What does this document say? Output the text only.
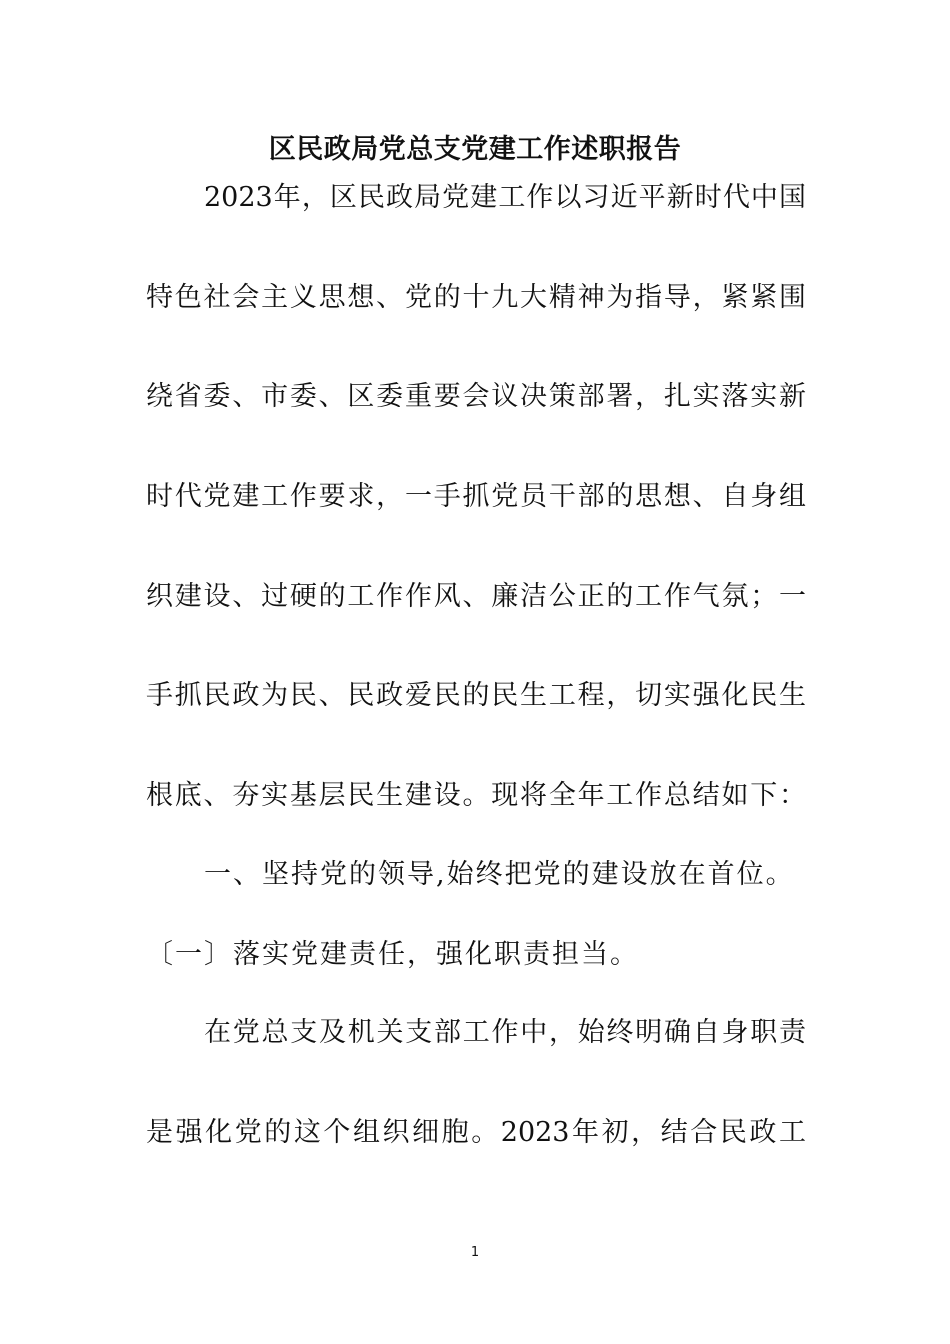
区民政局党总支党建工作述职报告

2023年，区民政局党建工作以习近平新时代中国

特色社会主义思想、党的十九大精神为指导，紧紧围

绕省委、市委、区委重要会议决策部署，扎实落实新

时代党建工作要求，一手抓党员干部的思想、自身组

织建设、过硬的工作作风、廉洁公正的工作气氛；一

手抓民政为民、民政爱民的民生工程，切实强化民生

根底、夯实基层民生建设。现将全年工作总结如下：

一、坚持党的领导,始终把党的建设放在首位。

〔一〕落实党建责任，强化职责担当。

在党总支及机关支部工作中，始终明确自身职责

是强化党的这个组织细胞。2023年初，结合民政工

1
